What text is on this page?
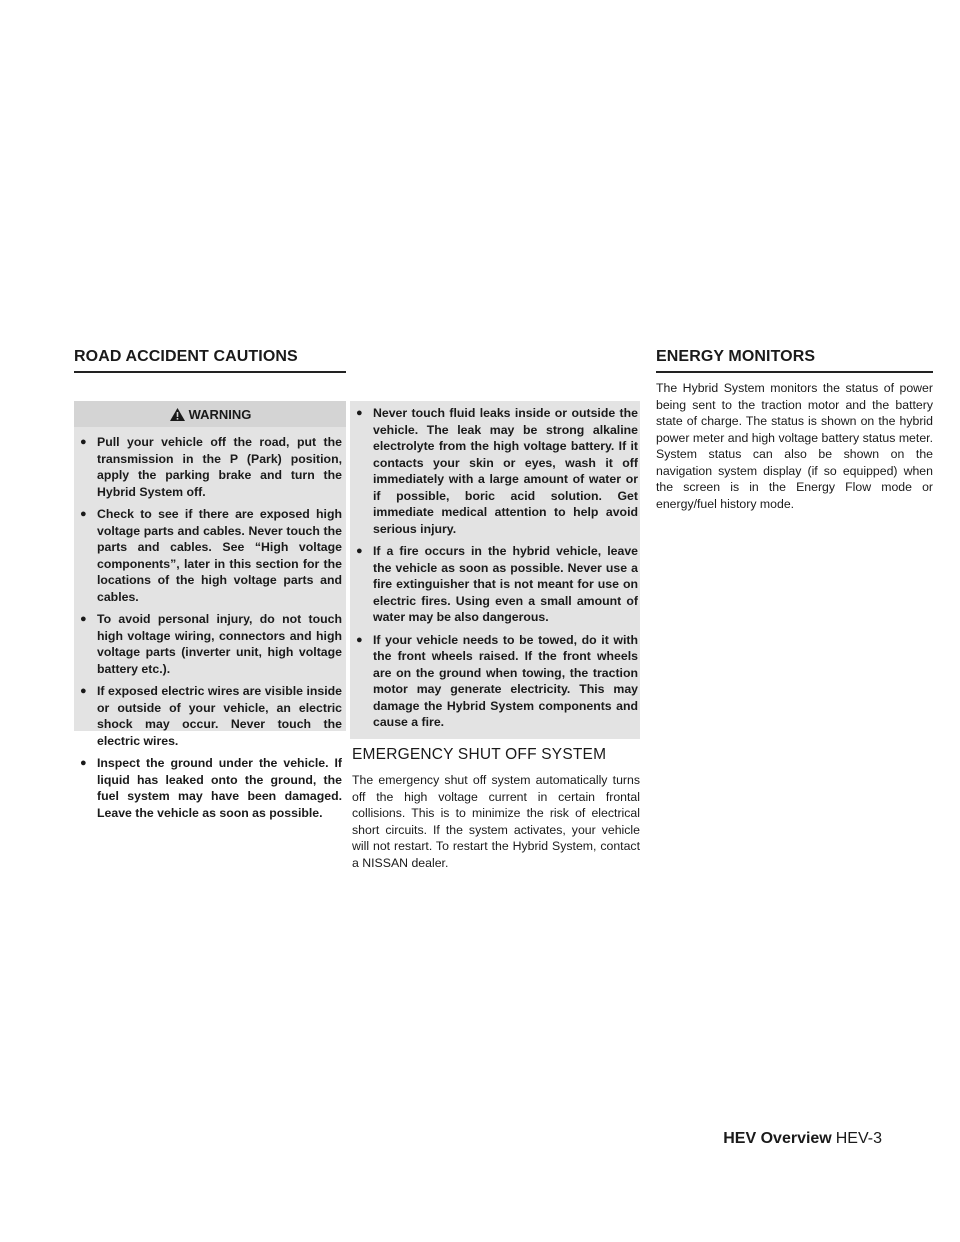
ROAD ACCIDENT CAUTIONS	ENERGY MONITORS
WARNING
● Pull your vehicle off the road, put the transmission in the P (Park) position, apply the parking brake and turn the Hybrid System off.
● Check to see if there are exposed high voltage parts and cables. Never touch the parts and cables. See “High voltage components”, later in this section for the locations of the high voltage parts and cables.
● To avoid personal injury, do not touch high voltage wiring, connectors and high voltage parts (inverter unit, high voltage battery etc.).
● If exposed electric wires are visible inside or outside of your vehicle, an electric shock may occur. Never touch the electric wires.
● Inspect the ground under the vehicle. If liquid has leaked onto the ground, the fuel system may have been damaged. Leave the vehicle as soon as possible.
● Never touch fluid leaks inside or outside the vehicle. The leak may be strong alkaline electrolyte from the high voltage battery. If it contacts your skin or eyes, wash it off immediately with a large amount of water or if possible, boric acid solution. Get immediate medical attention to help avoid serious injury.
● If a fire occurs in the hybrid vehicle, leave the vehicle as soon as possible. Never use a fire extinguisher that is not meant for use on electric fires. Using even a small amount of water may be also dangerous.
● If your vehicle needs to be towed, do it with the front wheels raised. If the front wheels are on the ground when towing, the traction motor may generate electricity. This may damage the Hybrid System components and cause a fire.
EMERGENCY SHUT OFF SYSTEM

The emergency shut off system automatically turns off the high voltage current in certain frontal collisions. This is to minimize the risk of electrical short circuits. If the system activates, your vehicle will not restart. To restart the Hybrid System, contact a NISSAN dealer.

The Hybrid System monitors the status of power being sent to the traction motor and the battery state of charge. The status is shown on the hybrid power meter and high voltage battery status meter. System status can also be shown on the navigation system display (if so equipped) when the screen is in the Energy Flow mode or energy/fuel history mode.

HEV Overview HEV-3
